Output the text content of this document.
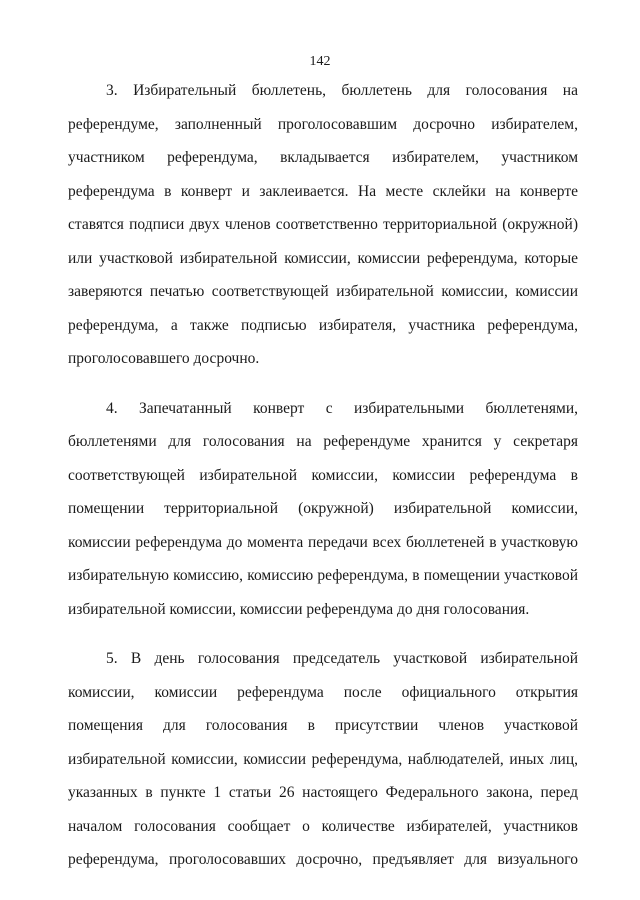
142

3. Избирательный бюллетень, бюллетень для голосования на
референдуме, заполненный проголосовавшим досрочно избирателем,
участником референдума, вкладывается избирателем, участником
референдума в конверт и заклеивается. На месте склейки на конверте
ставятся подписи двух членов соответственно территориальной (окружной)
или участковой избирательной комиссии, комиссии референдума, которые
заверяются печатью соответствующей избирательной комиссии, комиссии
референдума, а также подписью избирателя, участника референдума,
проголосовавшего досрочно.

4. Запечатанный конверт с избирательными бюллетенями,
бюллетенями для голосования на референдуме хранится у секретаря
соответствующей избирательной комиссии, комиссии референдума в
помещении территориальной (окружной) избирательной комиссии,
комиссии референдума до момента передачи всех бюллетеней в участковую
избирательную комиссию, комиссию референдума, в помещении участковой
избирательной комиссии, комиссии референдума до дня голосования.

5. В день голосования председатель участковой избирательной
комиссии, комиссии референдума после официального открытия
помещения для голосования в присутствии членов участковой
избирательной комиссии, комиссии референдума, наблюдателей, иных лиц,
указанных в пункте 1 статьи 26 настоящего Федерального закона, перед
началом голосования сообщает о количестве избирателей, участников
референдума, проголосовавших досрочно, предъявляет для визуального
